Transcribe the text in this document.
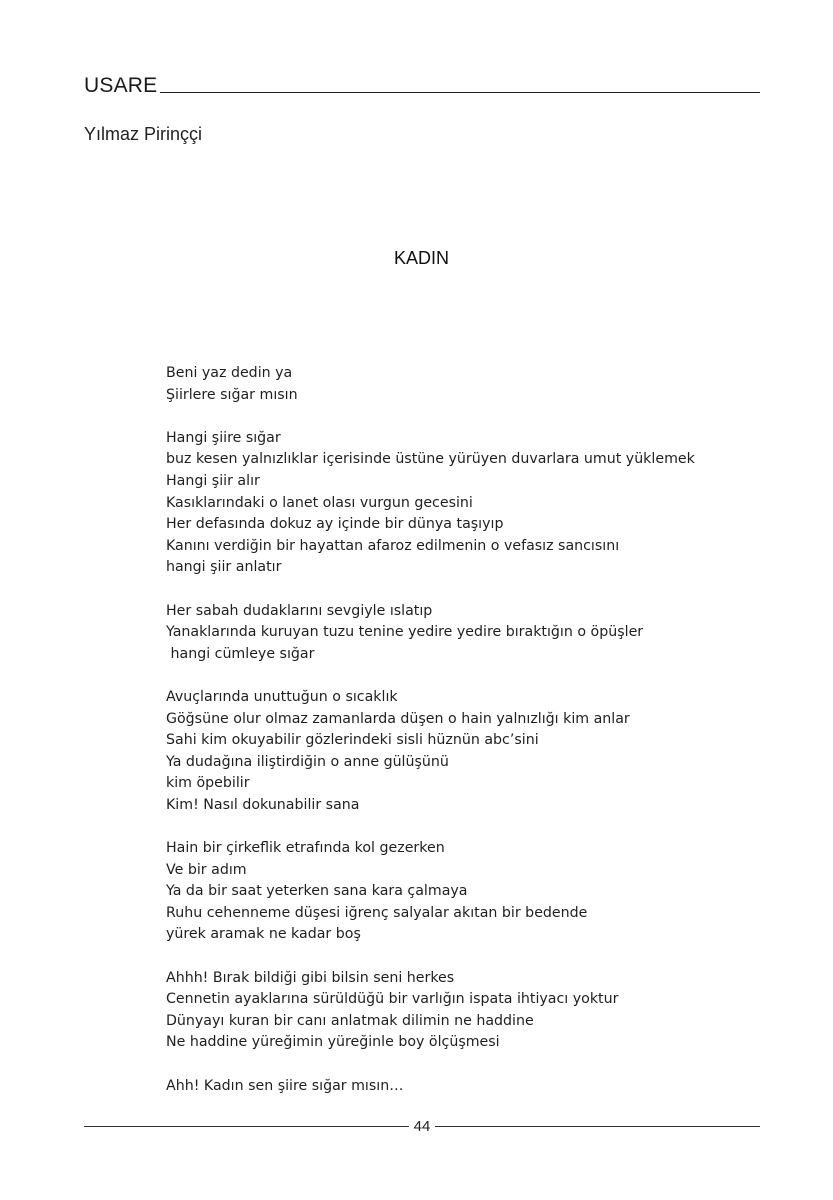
USARE
Yılmaz Pirinççi
KADIN
Beni yaz dedin ya
Şiirlere sığar mısın
Hangi şiire sığar
buz kesen yalnızlıklar içerisinde üstüne yürüyen duvarlara umut yüklemek
Hangi şiir alır
Kasıklarındaki o lanet olası vurgun gecesini
Her defasında dokuz ay içinde bir dünya taşıyıp
Kanını verdiğin bir hayattan afaroz edilmenin o vefasız sancısını
hangi şiir anlatır
Her sabah dudaklarını sevgiyle ıslatıp
Yanaklarında kuruyan tuzu tenine yedire yedire bıraktığın o öpüşler
hangi cümleye sığar
Avuçlarında unuttuğun o sıcaklık
Göğsüne olur olmaz zamanlarda düşen o hain yalnızlığı kim anlar
Sahi kim okuyabilir gözlerindeki sisli hüznün abc’sini
Ya dudağına iliştirdiğin o anne gülüşünü
kim öpebilir
Kim! Nasıl dokunabilir sana
Hain bir çirkeflik etrafında kol gezerken
Ve bir adım
Ya da bir saat yeterken sana kara çalmaya
Ruhu cehenneme düşesi iğrenç salyalar akıtan bir bedende
yürek aramak ne kadar boş
Ahhh! Bırak bildiği gibi bilsin seni herkes
Cennetin ayaklarına sürüldüğü bir varlığın ispata ihtiyacı yoktur
Dünyayı kuran bir canı anlatmak dilimin ne haddine
Ne haddine yüreğimin yüreğinle boy ölçüşmesi
Ahh! Kadın sen şiire sığar mısın…
44
